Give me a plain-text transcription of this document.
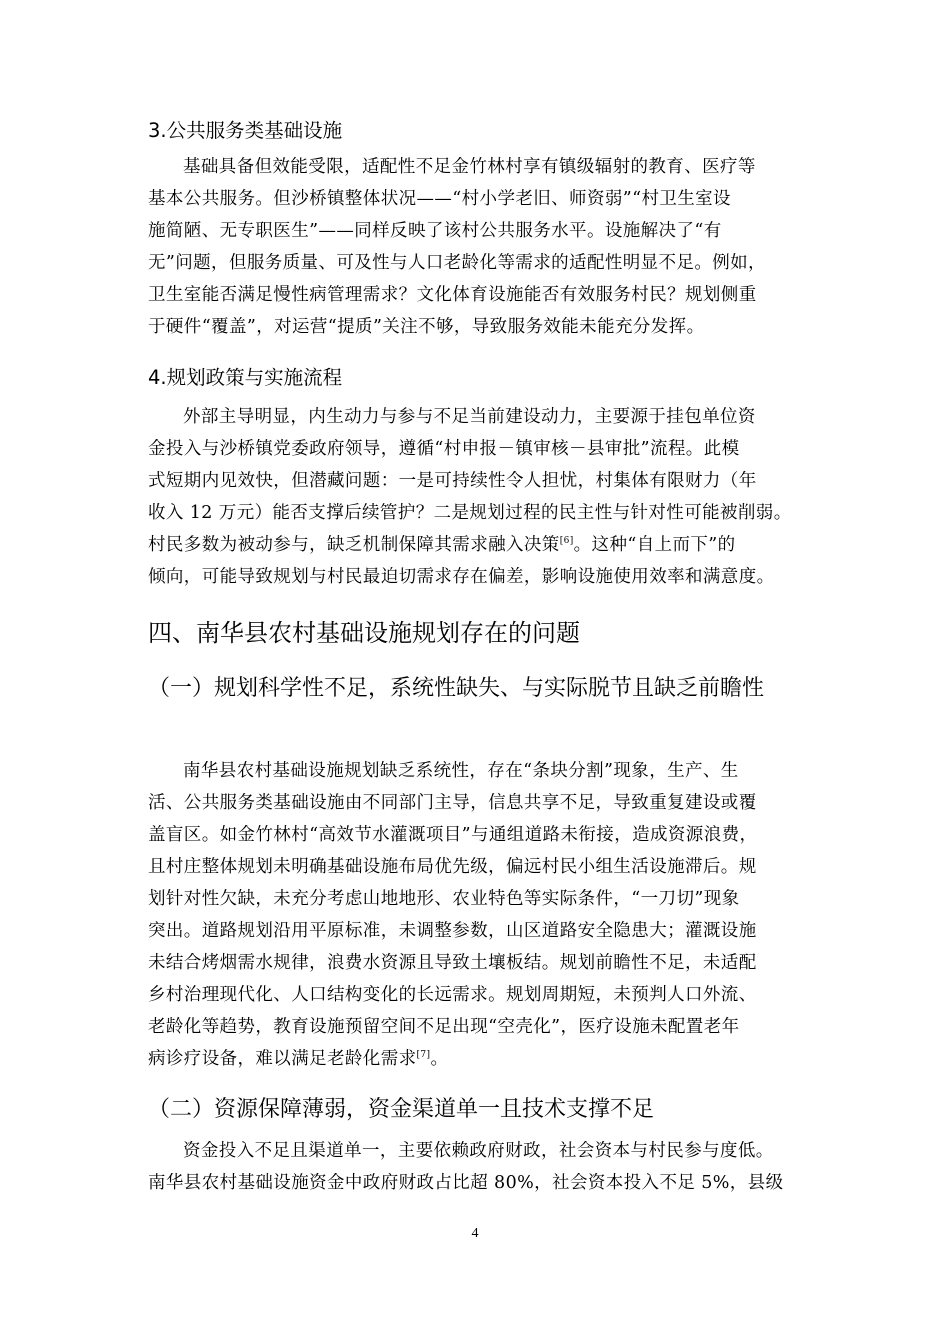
3.公共服务类基础设施
基础具备但效能受限，适配性不足金竹林村享有镇级辐射的教育、医疗等
基本公共服务。但沙桥镇整体状况——“村小学老旧、师资弱”“村卫生室设
施简陋、无专职医生”——同样反映了该村公共服务水平。设施解决了“有
无”问题，但服务质量、可及性与人口老龄化等需求的适配性明显不足。例如，
卫生室能否满足慢性病管理需求？文化体育设施能否有效服务村民？规划侧重
于硬件“覆盖”，对运营“提质”关注不够，导致服务效能未能充分发挥。
4.规划政策与实施流程
外部主导明显，内生动力与参与不足当前建设动力，主要源于挂包单位资
金投入与沙桥镇党委政府领导，遵循“村申报－镇审核－县审批”流程。此模
式短期内见效快，但潜藏问题：一是可持续性令人担忧，村集体有限财力（年
收入 12 万元）能否支撑后续管护？二是规划过程的民主性与针对性可能被削弱。
村民多数为被动参与，缺乏机制保障其需求融入决策[6]。这种“自上而下”的
倾向，可能导致规划与村民最迫切需求存在偏差，影响设施使用效率和满意度。
四、南华县农村基础设施规划存在的问题
（一）规划科学性不足，系统性缺失、与实际脱节且缺乏前瞻性
南华县农村基础设施规划缺乏系统性，存在“条块分割”现象，生产、生
活、公共服务类基础设施由不同部门主导，信息共享不足，导致重复建设或覆
盖盲区。如金竹林村“高效节水灌溉项目”与通组道路未衔接，造成资源浪费，
且村庄整体规划未明确基础设施布局优先级，偏远村民小组生活设施滞后。规
划针对性欠缺，未充分考虑山地地形、农业特色等实际条件，“一刀切”现象
突出。道路规划沿用平原标准，未调整参数，山区道路安全隐患大；灌溉设施
未结合烤烟需水规律，浪费水资源且导致土壤板结。规划前瞻性不足，未适配
乡村治理现代化、人口结构变化的长远需求。规划周期短，未预判人口外流、
老龄化等趋势，教育设施预留空间不足出现“空壳化”，医疗设施未配置老年
病诊疗设备，难以满足老龄化需求[7]。
（二）资源保障薄弱，资金渠道单一且技术支撑不足
资金投入不足且渠道单一，主要依赖政府财政，社会资本与村民参与度低。
南华县农村基础设施资金中政府财政占比超 80%，社会资本投入不足 5%，县级
4
